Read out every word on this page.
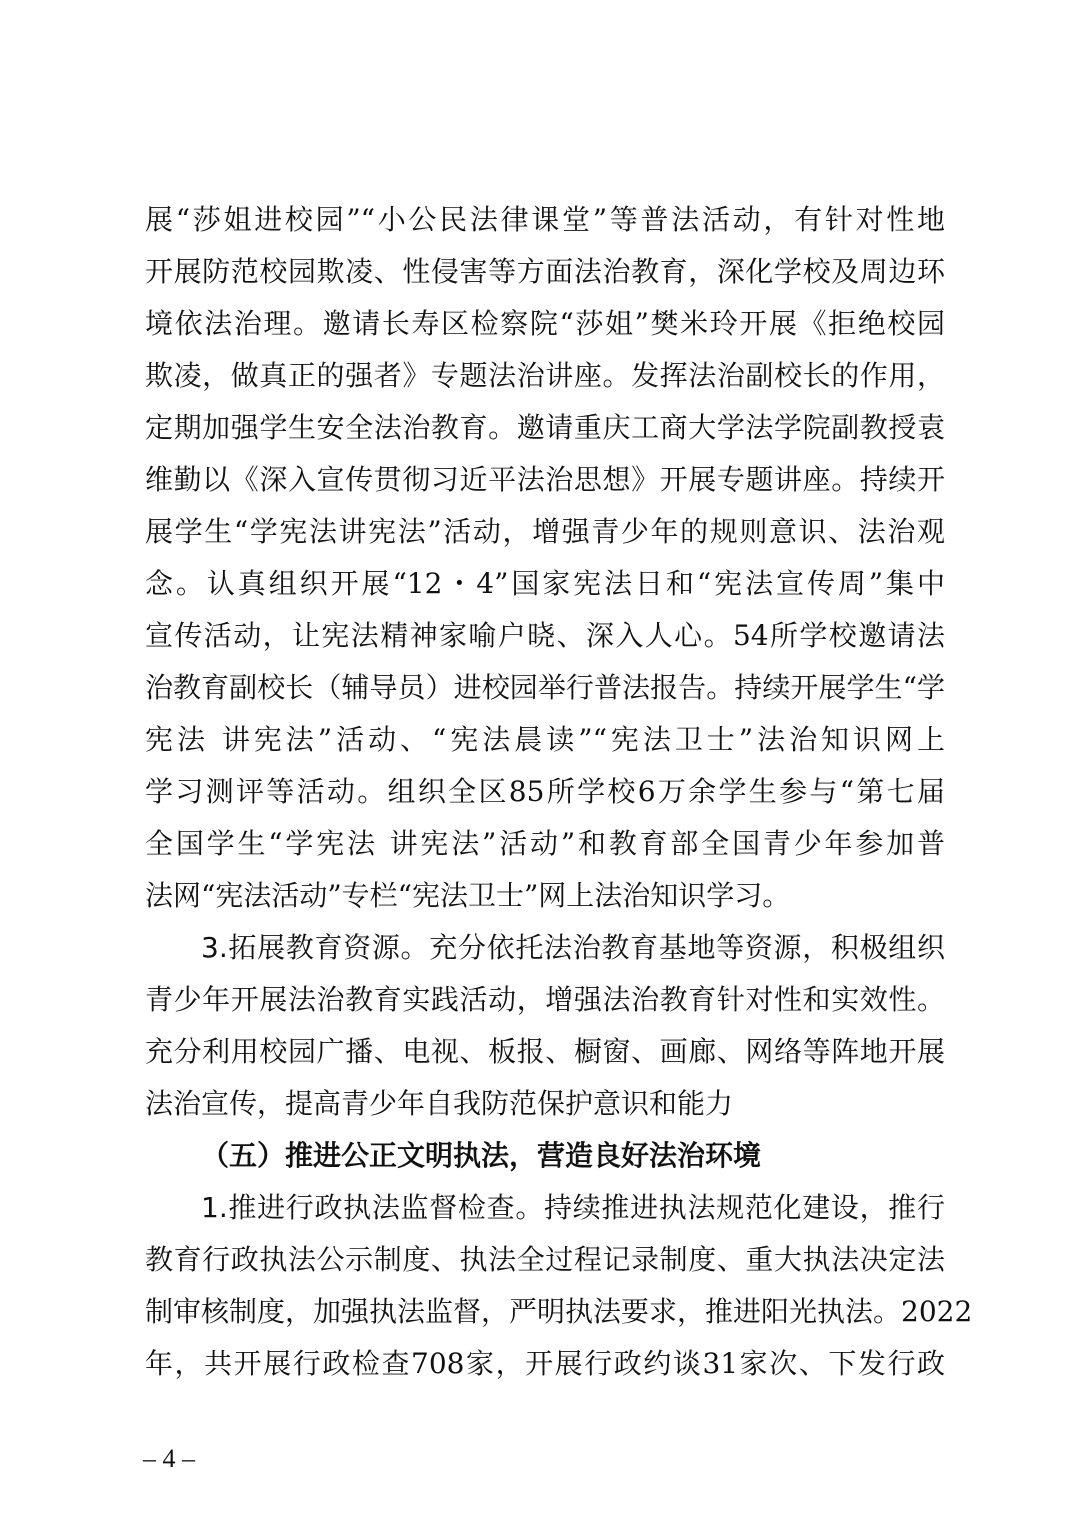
展“莎姐进校园”“小公民法律课堂”等普法活动，有针对性地
开展防范校园欺凌、性侵害等方面法治教育，深化学校及周边环
境依法治理。邀请长寿区检察院“莎姐”樊米玲开展《拒绝校园
欺凌，做真正的强者》专题法治讲座。发挥法治副校长的作用，
定期加强学生安全法治教育。邀请重庆工商大学法学院副教授袁
维勤以《深入宣传贯彻习近平法治思想》开展专题讲座。持续开
展学生“学宪法讲宪法”活动，增强青少年的规则意识、法治观
念。认真组织开展“12・4”国家宪法日和“宪法宣传周”集中
宣传活动，让宪法精神家喻户晓、深入人心。54所学校邀请法
治教育副校长（辅导员）进校园举行普法报告。持续开展学生“学
宪法 讲宪法”活动、“宪法晨读”“宪法卫士”法治知识网上
学习测评等活动。组织全区85所学校6万余学生参与“第七届
全国学生“学宪法 讲宪法”活动”和教育部全国青少年参加普
法网“宪法活动”专栏“宪法卫士”网上法治知识学习。
3.拓展教育资源。充分依托法治教育基地等资源，积极组织
青少年开展法治教育实践活动，增强法治教育针对性和实效性。
充分利用校园广播、电视、板报、橱窗、画廊、网络等阵地开展
法治宣传，提高青少年自我防范保护意识和能力
（五）推进公正文明执法，营造良好法治环境
1.推进行政执法监督检查。持续推进执法规范化建设，推行
教育行政执法公示制度、执法全过程记录制度、重大执法决定法
制审核制度，加强执法监督，严明执法要求，推进阳光执法。2022
年，共开展行政检查708家，开展行政约谈31家次、下发行政
– 4 –
